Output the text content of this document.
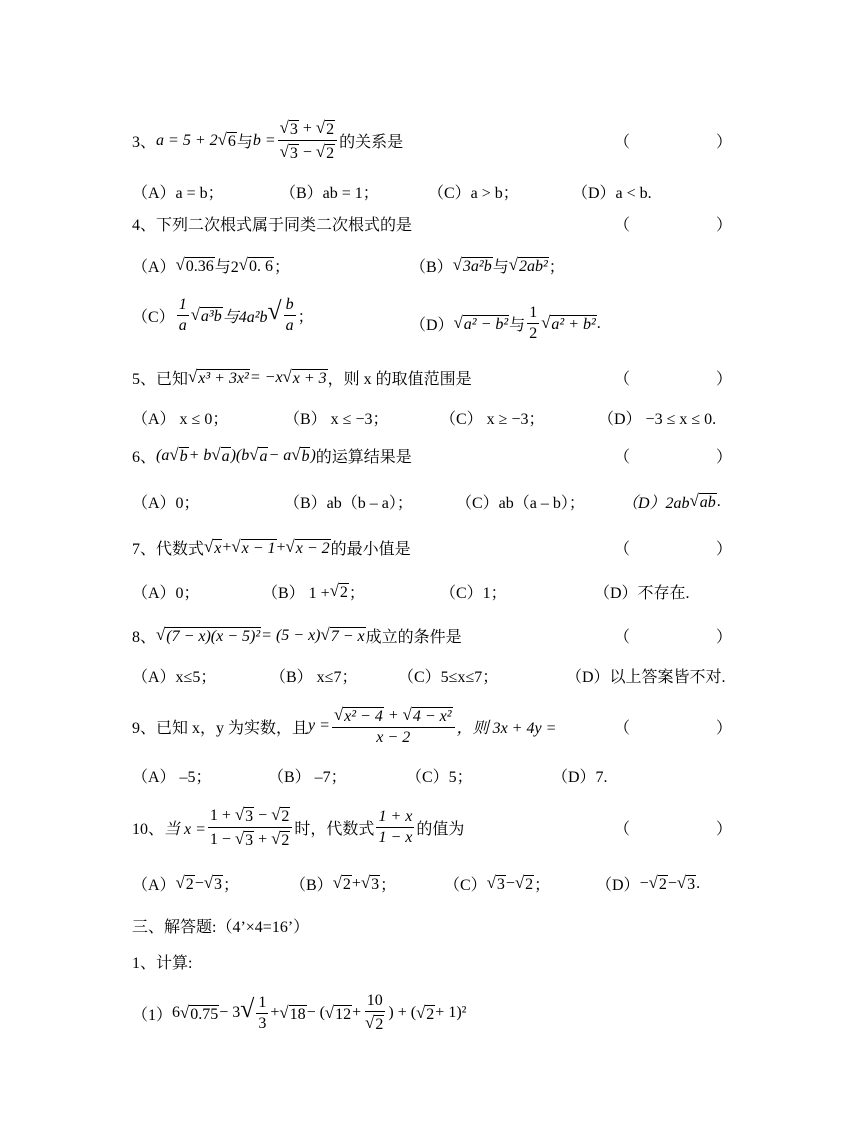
3、 a = 5 + 2 √ 6 与 $b = \frac{√ 3 + √ 2}{√ 3 - √ 2}$ 的关系是	（	）
（A）a = b；	（B）ab = 1；	（C）a > b；	（D）a < b.
4、 下列二次根式属于同类二次根式的是	（	）
（A） √ 0.36 与2 √ 0. 6 ；	（B） √ 3a²b 与 √ 2ab² ；
$(C) \frac{1}{a}$ √ a³b 与4a²b √ $\frac{b}{a}$ ；	（D） √ a² − b² 与 $\frac{1}{2}$ √ a² + b² .
5、 已知 √ x³ + 3x² = −x √ x + 3 ，则 x 的取值范围是	（	）
（A） x ≤ 0；	（B） x ≤ −3；	（C） x ≥ −3；	（D） −3 ≤ x ≤ 0.
6、 (a √ b + b √ a )(b √ a − a √ b ) 的运算结果是	（	）
（A）0；	（B）ab（b – a）；	（C）ab（a – b）； （D）2ab √ ab .
7、 代数式 √ x + √ x − 1 + √ x − 2 的最小值是	（	）
（A）0；	（B） 1 + √ 2 ；	（C）1；	（D）不存在.
8、 √ (7 − x)(x − 5)² = (5 − x) √ 7 − x 成立的条件是	（	）
（A）x≤5；	（B） x≤7；	（C）5≤x≤7；	（D）以上答案皆不对.
9、 已知 x，y 为实数，且 $y = \frac{\text{√ x² − 4 + √ 4 − x²}}{x - 2}$ ，则 3x + 4y =	（	）
（A） –5；	（B） –7；	（C）5；	（D）7.
10、 当 $x = \frac{1 + √ 3 - √ 2}{1 - √ 3 + √ 2}$ 时，代数式 $\frac{1 + x}{1 - x}$ 的值为	（	）
（A） √ 2 − √ 3 ；	（B） √ 2 + √ 3 ；	（C） √ 3 − √ 2 ；	（D） − √ 2 − √ 3 .
三、解答题:（4’×4=16’）
1、计算:
（1） 6 √ 0.75 − 3 √ $\frac{1}{3}$ + √ 18 − ( √ $12 + \frac{10}{√ 2}$ ) + ( √ 2 + 1)²
